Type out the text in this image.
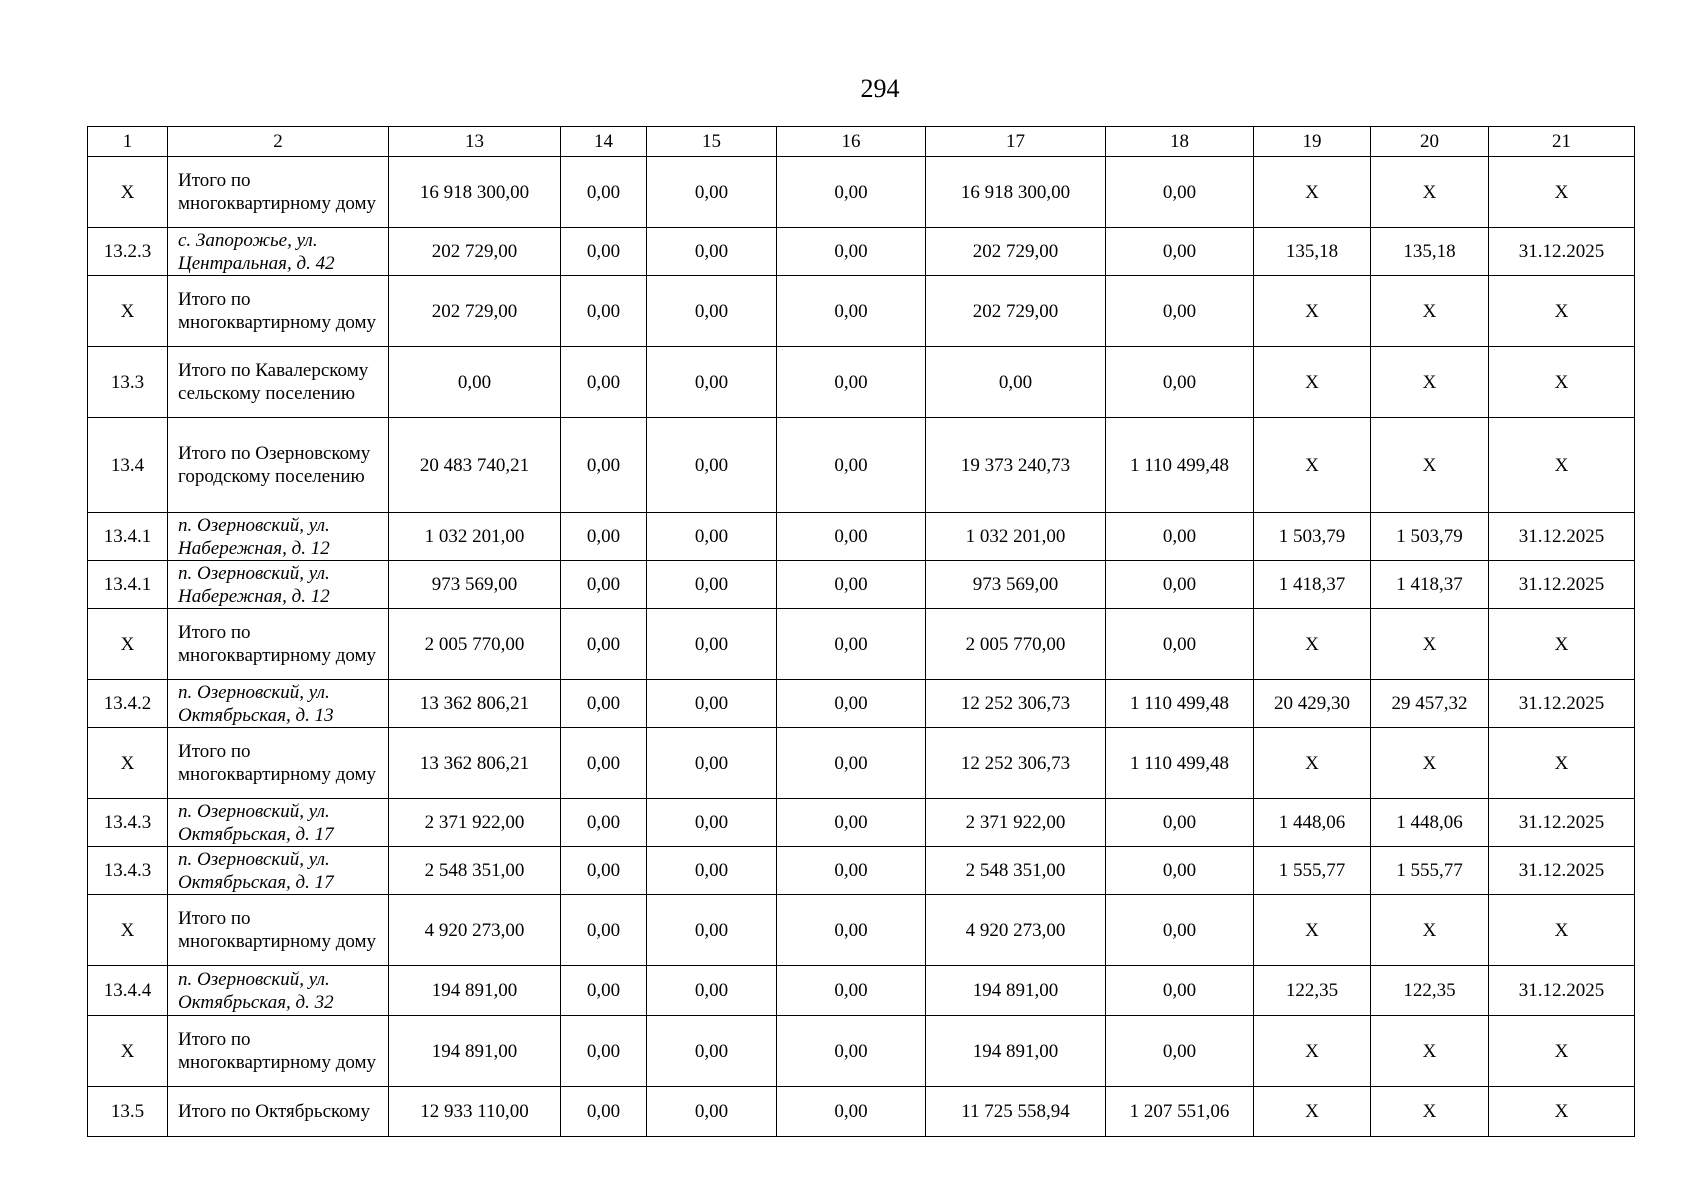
294
1	2	13	14	15	16	17	18	19	20	21
X	Итого по многоквартирному дому	16 918 300,00	0,00	0,00	0,00	16 918 300,00	0,00	X	X	X
13.2.3	с. Запорожье, ул. Центральная, д. 42	202 729,00	0,00	0,00	0,00	202 729,00	0,00	135,18	135,18	31.12.2025
X	Итого по многоквартирному дому	202 729,00	0,00	0,00	0,00	202 729,00	0,00	X	X	X
13.3	Итого по Кавалерскому сельскому поселению	0,00	0,00	0,00	0,00	0,00	0,00	X	X	X
13.4	Итого по Озерновскому городскому поселению	20 483 740,21	0,00	0,00	0,00	19 373 240,73	1 110 499,48	X	X	X
13.4.1	п. Озерновский, ул. Набережная, д. 12	1 032 201,00	0,00	0,00	0,00	1 032 201,00	0,00	1 503,79	1 503,79	31.12.2025
13.4.1	п. Озерновский, ул. Набережная, д. 12	973 569,00	0,00	0,00	0,00	973 569,00	0,00	1 418,37	1 418,37	31.12.2025
X	Итого по многоквартирному дому	2 005 770,00	0,00	0,00	0,00	2 005 770,00	0,00	X	X	X
13.4.2	п. Озерновский, ул. Октябрьская, д. 13	13 362 806,21	0,00	0,00	0,00	12 252 306,73	1 110 499,48	20 429,30	29 457,32	31.12.2025
X	Итого по многоквартирному дому	13 362 806,21	0,00	0,00	0,00	12 252 306,73	1 110 499,48	X	X	X
13.4.3	п. Озерновский, ул. Октябрьская, д. 17	2 371 922,00	0,00	0,00	0,00	2 371 922,00	0,00	1 448,06	1 448,06	31.12.2025
13.4.3	п. Озерновский, ул. Октябрьская, д. 17	2 548 351,00	0,00	0,00	0,00	2 548 351,00	0,00	1 555,77	1 555,77	31.12.2025
X	Итого по многоквартирному дому	4 920 273,00	0,00	0,00	0,00	4 920 273,00	0,00	X	X	X
13.4.4	п. Озерновский, ул. Октябрьская, д. 32	194 891,00	0,00	0,00	0,00	194 891,00	0,00	122,35	122,35	31.12.2025
X	Итого по многоквартирному дому	194 891,00	0,00	0,00	0,00	194 891,00	0,00	X	X	X
13.5	Итого по Октябрьскому	12 933 110,00	0,00	0,00	0,00	11 725 558,94	1 207 551,06	X	X	X
